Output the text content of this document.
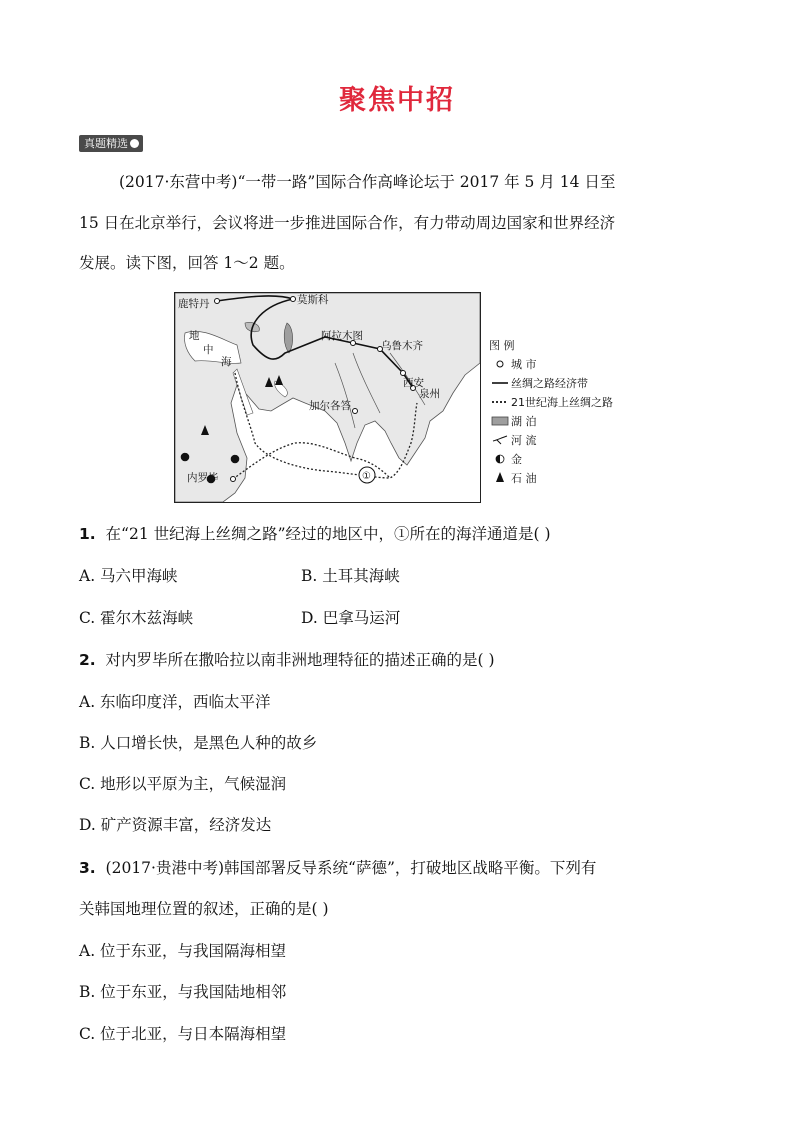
聚焦中招
真题精选
(2017·东营中考)“一带一路”国际合作高峰论坛于 2017 年 5 月 14 日至
15 日在北京举行，会议将进一步推进国际合作，有力带动周边国家和世界经济
发展。读下图，回答 1～2 题。
鹿特丹	莫斯科
阿拉木图
乌鲁木齐
西安
泉州
加尔各答
内罗毕
地
中
海
①
图 例
城 市
丝绸之路经济带
21世纪海上丝绸之路
湖 泊
河 流
金
石 油
1. 在“21 世纪海上丝绸之路”经过的地区中，①所在的海洋通道是( )
A. 马六甲海峡	B. 土耳其海峡
C. 霍尔木兹海峡	D. 巴拿马运河
2. 对内罗毕所在撒哈拉以南非洲地理特征的描述正确的是( )
A. 东临印度洋，西临太平洋
B. 人口增长快，是黑色人种的故乡
C. 地形以平原为主，气候湿润
D. 矿产资源丰富，经济发达
3. (2017·贵港中考)韩国部署反导系统“萨德”，打破地区战略平衡。下列有
关韩国地理位置的叙述，正确的是( )
A. 位于东亚，与我国隔海相望
B. 位于东亚，与我国陆地相邻
C. 位于北亚，与日本隔海相望
